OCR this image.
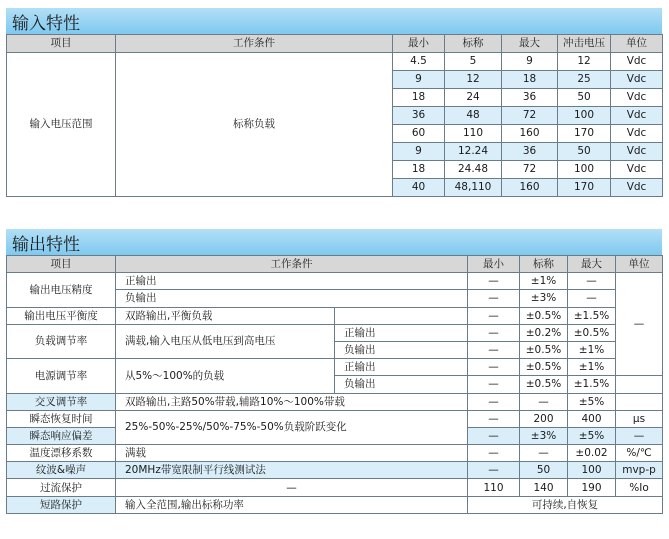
输入特性
项目	工作条件	最小	标称	最大	冲击电压	单位
输入电压范围	标称负载	4.5	5	9	12	Vdc
		9	12	18	25	Vdc
		18	24	36	50	Vdc
		36	48	72	100	Vdc
		60	110	160	170	Vdc
		9	12.24	36	50	Vdc
		18	24.48	72	100	Vdc
		40	48,110	160	170	Vdc
输出特性
项目	工作条件		最小	标称	最大	单位	
输出电压精度	正输出		—	±1%	—	—	
	负输出		—	±3%	—		
输出电压平衡度	双路输出,平衡负载		—	±0.5%	±1.5%		
负载调节率	满载,输入电压从低电压到高电压	正输出	—	±0.2%	±0.5%		
		负输出	—	±0.5%	±1%		
电源调节率	从5%～100%的负载	正输出	—	±0.5%	±1%		
		负输出	—	±0.5%	±1.5%		
交叉调节率	双路输出,主路50%带载,辅路10%～100%带载		—	—	±5%		
瞬态恢复时间	25%-50%-25%/50%-75%-50%负载阶跃变化		—	200	400	μs	
瞬态响应偏差			—	±3%	±5%	—	
温度漂移系数	满载		—	—	±0.02	%/℃	
纹波&噪声	20MHz带宽限制平行线测试法		—	50	100	mvp-p	
过流保护	—		110	140	190	%Io	
短路保护	输入全范围,输出标称功率		可持续,自恢复				
